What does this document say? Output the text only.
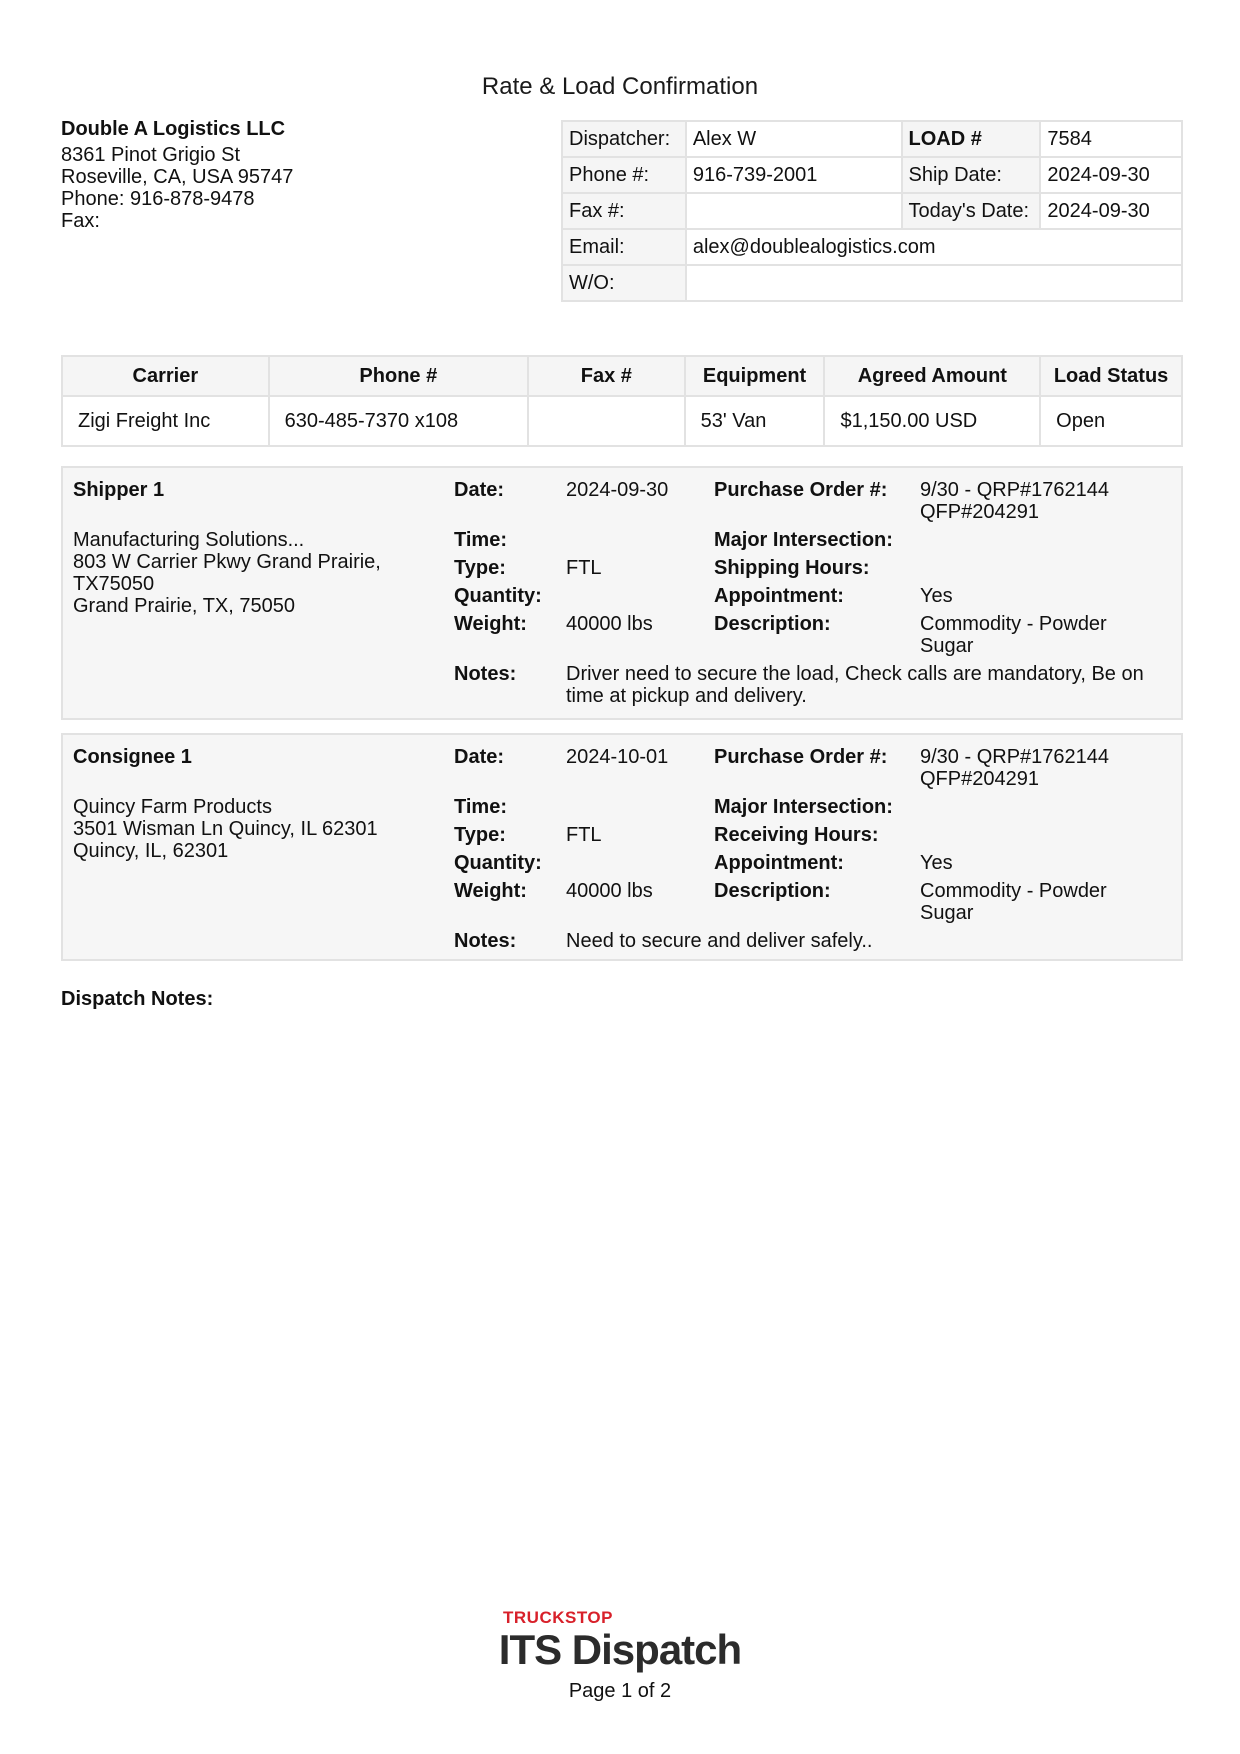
Rate & Load Confirmation
Double A Logistics LLC
8361 Pinot Grigio St
Roseville, CA, USA 95747
Phone: 916-878-9478
Fax:
Dispatcher:	Alex W	LOAD #	7584
Phone #:	916-739-2001	Ship Date:	2024-09-30
Fax #:		Today's Date:	2024-09-30
Email:	alex@doublealogistics.com		
W/O:			
Carrier	Phone #	Fax #	Equipment	Agreed Amount	Load Status
Zigi Freight Inc	630-485-7370 x108		53' Van	$1,150.00 USD	Open
Shipper 1
Manufacturing Solutions...
803 W Carrier Pkwy Grand Prairie,
TX75050
Grand Prairie, TX, 75050
Date:	2024-09-30
Time:
Type:	FTL
Quantity:
Weight: 40000 lbs
Notes: Driver need to secure the load, Check calls are mandatory, Be on time at pickup and delivery.
Purchase Order #: 9/30 - QRP#1762144
QFP#204291
Major Intersection:
Shipping Hours:
Appointment:	Yes
Description:	Commodity - Powder
Sugar
Consignee 1
Quincy Farm Products
3501 Wisman Ln Quincy, IL 62301
Quincy, IL, 62301
Date:	2024-10-01
Time:
Type:	FTL
Quantity:
Weight: 40000 lbs
Notes: Need to secure and deliver safely..
Purchase Order #: 9/30 - QRP#1762144
QFP#204291
Major Intersection:
Receiving Hours:
Appointment:	Yes
Description:	Commodity - Powder
Sugar
Dispatch Notes:
TRUCKSTOP
ITS Dispatch
Page 1 of 2
